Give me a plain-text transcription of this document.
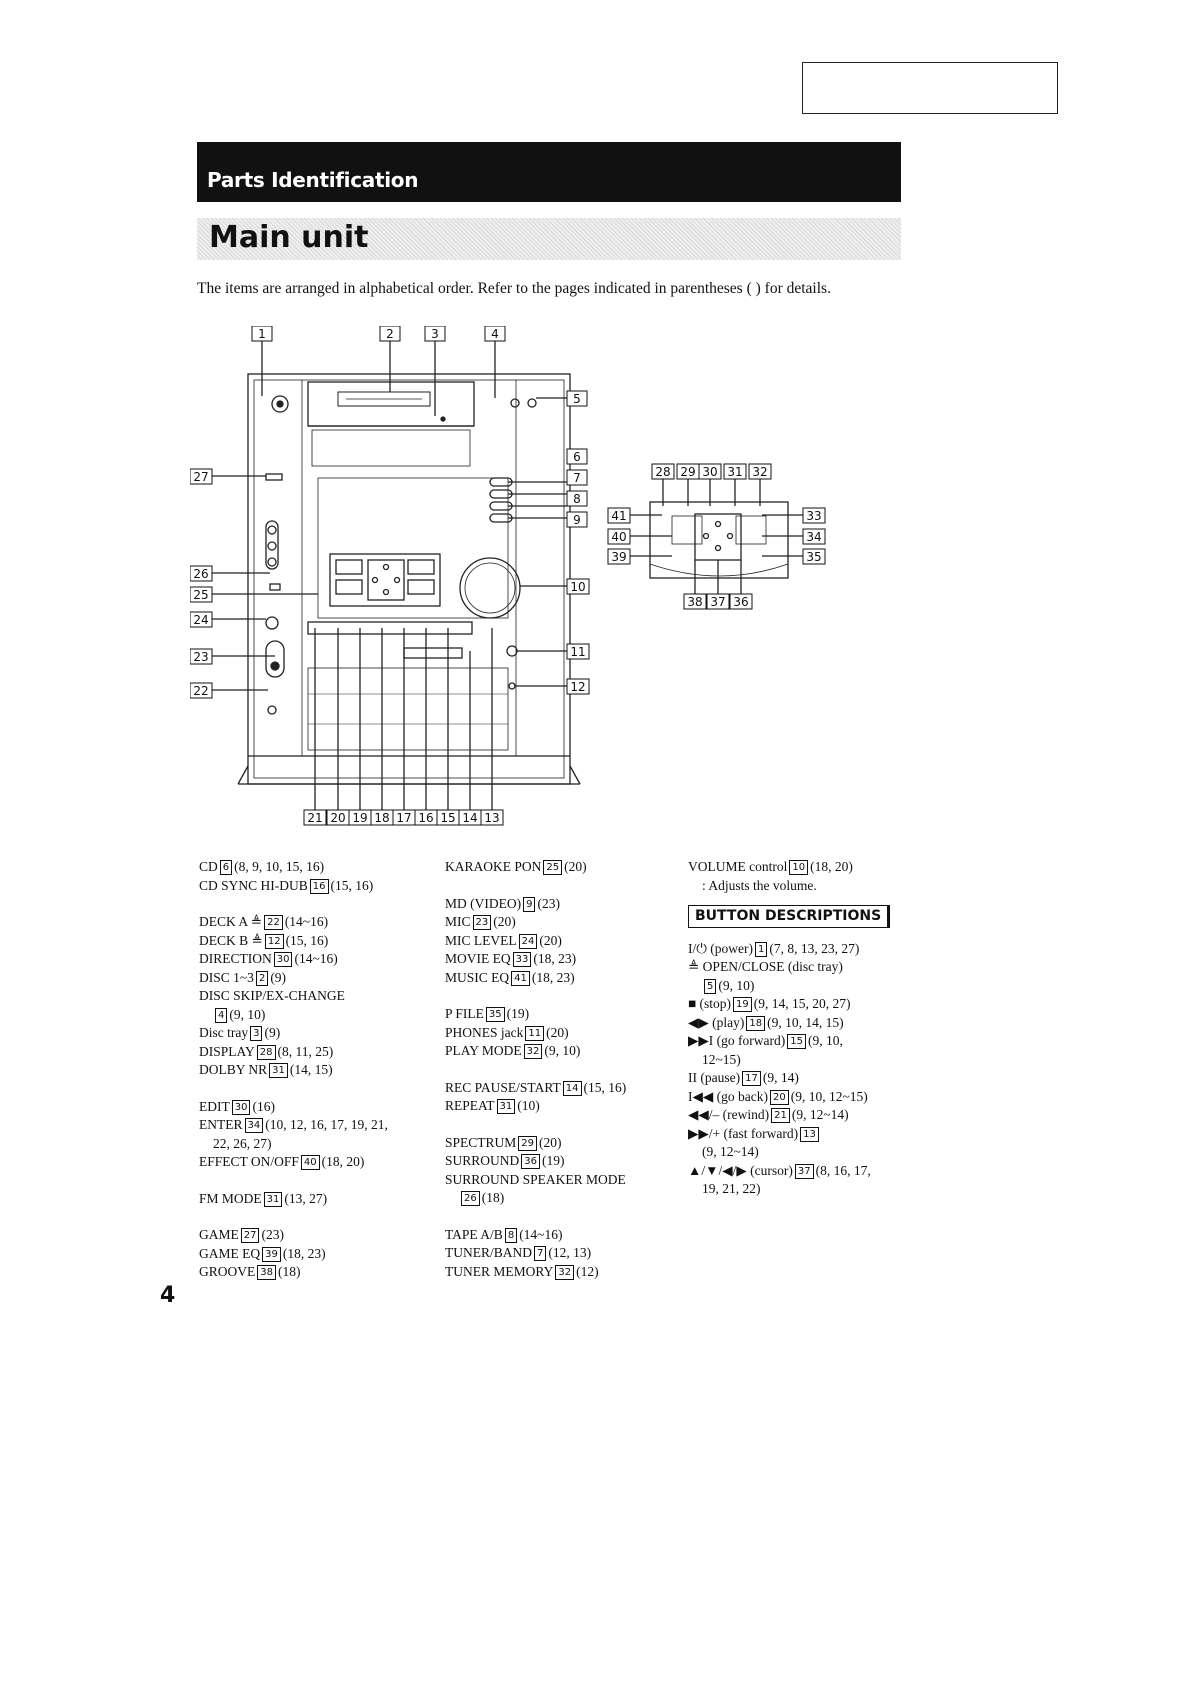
Parts Identification
Main unit
The items are arranged in alphabetical order. Refer to the pages indicated in parentheses ( ) for details.
1	2	3	4
5
6
7
8
9
10
11
12
27
26
25
24
23
22
21 20 19 18 17 16 15 14 13
28 29 30 31 32
41
40
39
33
34
35
38 37 36
CD 6 (8, 9, 10, 15, 16)
CD SYNC HI-DUB 16 (15, 16)
DECK A ≜ 22 (14~16)
DECK B ≜ 12 (15, 16)
DIRECTION 30 (14~16)
DISC 1~3 2 (9)
DISC SKIP/EX-CHANGE
4 (9, 10)
Disc tray 3 (9)
DISPLAY 28 (8, 11, 25)
DOLBY NR 31 (14, 15)
EDIT 30 (16)
ENTER 34 (10, 12, 16, 17, 19, 21,
22, 26, 27)
EFFECT ON/OFF 40 (18, 20)
FM MODE 31 (13, 27)
GAME 27 (23)
GAME EQ 39 (18, 23)
GROOVE 38 (18)
KARAOKE PON 25 (20)
MD (VIDEO) 9 (23)
MIC 23 (20)
MIC LEVEL 24 (20)
MOVIE EQ 33 (18, 23)
MUSIC EQ 41 (18, 23)
P FILE 35 (19)
PHONES jack 11 (20)
PLAY MODE 32 (9, 10)
REC PAUSE/START 14 (15, 16)
REPEAT 31 (10)
SPECTRUM 29 (20)
SURROUND 36 (19)
SURROUND SPEAKER MODE
26 (18)
TAPE A/B 8 (14~16)
TUNER/BAND 7 (12, 13)
TUNER MEMORY 32 (12)
VOLUME control 10 (18, 20)
: Adjusts the volume.
BUTTON DESCRIPTIONS
I/⏻ (power) 1 (7, 8, 13, 23, 27)
≜ OPEN/CLOSE (disc tray)
5 (9, 10)
■ (stop) 19 (9, 14, 15, 20, 27)
◀▶ (play) 18 (9, 10, 14, 15)
▶▶I (go forward) 15 (9, 10,
12~15)
II (pause) 17 (9, 14)
I◀◀ (go back) 20 (9, 10, 12~15)
◀◀/– (rewind) 21 (9, 12~14)
▶▶/+ (fast forward) 13
(9, 12~14)
▲/▼/◀/▶ (cursor) 37 (8, 16, 17,
19, 21, 22)
4
